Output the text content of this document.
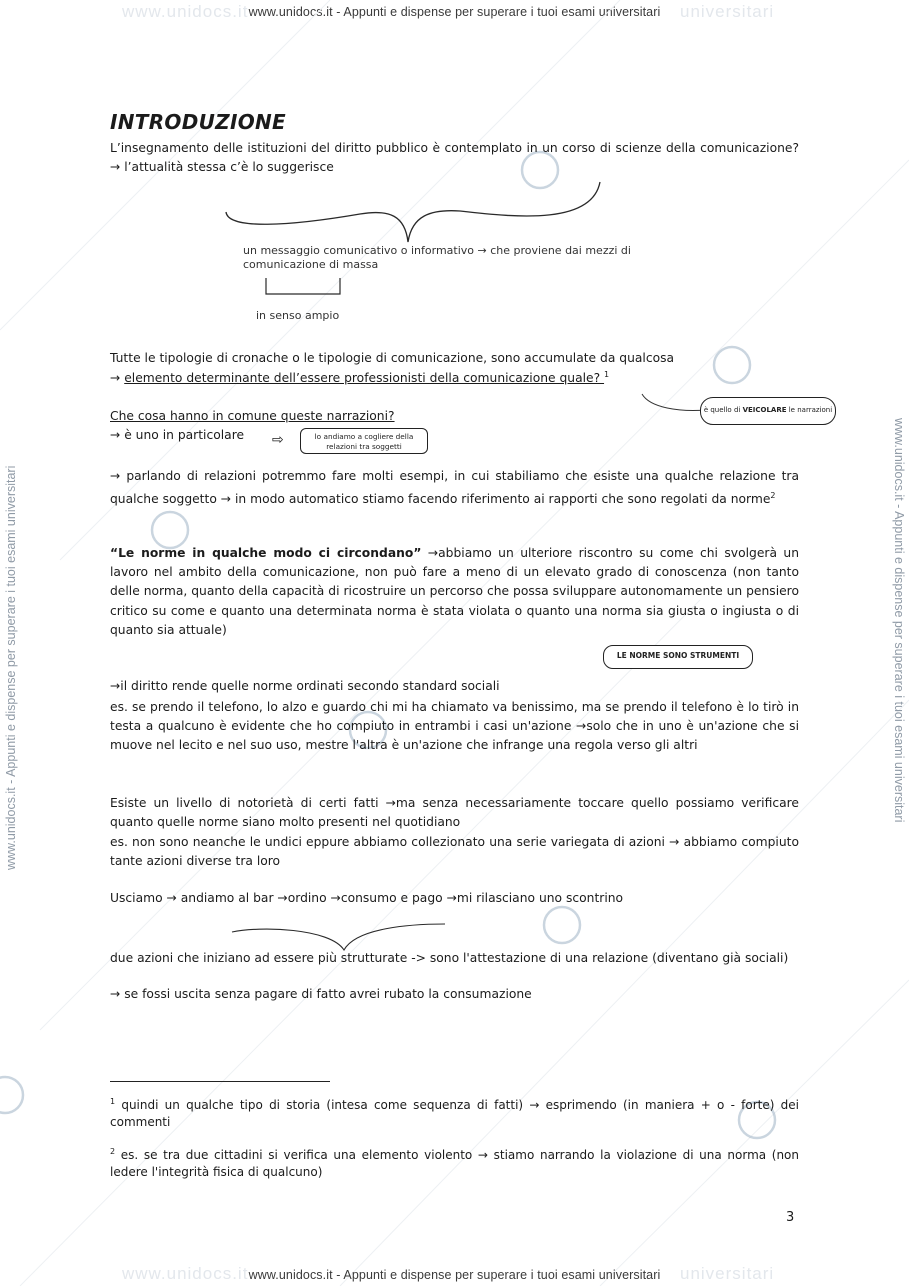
www.unidocs.it	universitari
www.unidocs.it - Appunti e dispense per superare i tuoi esami universitari
www.unidocs.it - Appunti e dispense per superare i tuoi esami universitari	www.unidocs.it - Appunti e dispense per superare i tuoi esami universitari
INTRODUZIONE
L’insegnamento delle istituzioni del diritto pubblico è contemplato in un corso di scienze della comunicazione? → l’attualità stessa c’è lo suggerisce
un messaggio comunicativo o informativo → che proviene dai mezzi di
comunicazione di massa
in senso ampio
Tutte le tipologie di cronache o le tipologie di comunicazione, sono accumulate da qualcosa
→ elemento determinante dell’essere professionisti della comunicazione quale? $^1$
è quello di VEICOLARE le narrazioni
Che cosa hanno in comune queste narrazioni?
→ è uno in particolare ⇨	lo andiamo a cogliere della
relazioni tra soggetti
→ parlando di relazioni potremmo fare molti esempi, in cui stabiliamo che esiste una qualche relazione tra qualche soggetto → in modo automatico stiamo facendo riferimento ai rapporti che sono regolati da norme$^2$
“Le norme in qualche modo ci circondano” →abbiamo un ulteriore riscontro su come chi svolgerà un lavoro nel ambito della comunicazione, non può fare a meno di un elevato grado di conoscenza (non tanto delle norma, quanto della capacità di ricostruire un percorso che possa sviluppare autonomamente un pensiero critico su come e quanto una determinata norma è stata violata o quanto una norma sia giusta o ingiusta o di quanto sia attuale)
LE NORME SONO STRUMENTI
→il diritto rende quelle norme ordinati secondo standard sociali
es. se prendo il telefono, lo alzo e guardo chi mi ha chiamato va benissimo, ma se prendo il telefono è lo tirò in testa a qualcuno è evidente che ho compiuto in entrambi i casi un'azione →solo che in uno è un'azione che si muove nel lecito e nel suo uso, mestre l'altra è un'azione che infrange una regola verso gli altri
Esiste un livello di notorietà di certi fatti →ma senza necessariamente toccare quello possiamo verificare quanto quelle norme siano molto presenti nel quotidiano
es. non sono neanche le undici eppure abbiamo collezionato una serie variegata di azioni → abbiamo compiuto tante azioni diverse tra loro
Usciamo → andiamo al bar →ordino →consumo e pago →mi rilasciano uno scontrino
due azioni che iniziano ad essere più strutturate -> sono l'attestazione di una relazione (diventano già sociali)
→ se fossi uscita senza pagare di fatto avrei rubato la consumazione
$^1$ quindi un qualche tipo di storia (intesa come sequenza di fatti) → esprimendo (in maniera + o - forte) dei commenti
$^2$ es. se tra due cittadini si verifica una elemento violento → stiamo narrando la violazione di una norma (non ledere l'integrità fisica di qualcuno)
3
www.unidocs.it	universitari
www.unidocs.it - Appunti e dispense per superare i tuoi esami universitari
